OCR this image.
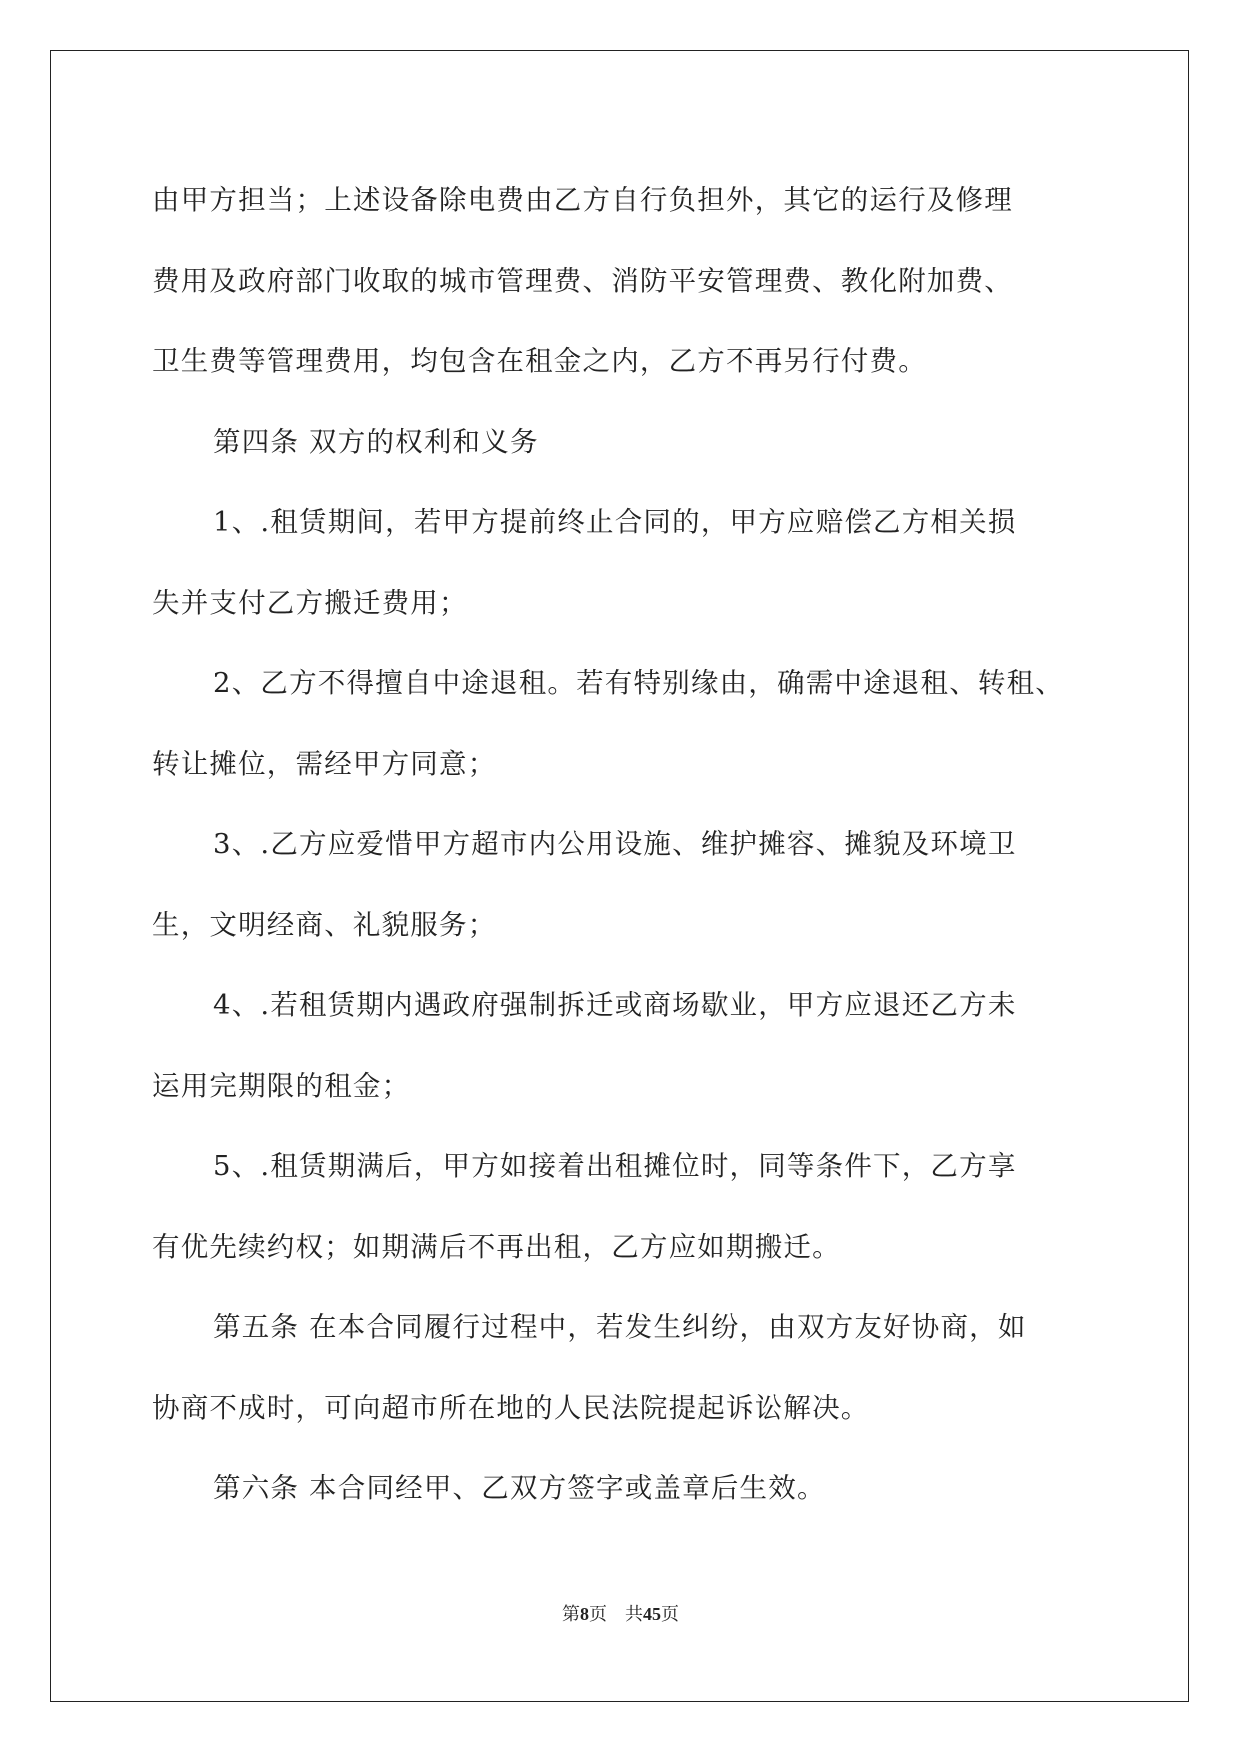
由甲方担当；上述设备除电费由乙方自行负担外，其它的运行及修理
费用及政府部门收取的城市管理费、消防平安管理费、教化附加费、
卫生费等管理费用，均包含在租金之内，乙方不再另行付费。

第四条 双方的权利和义务

1、.租赁期间，若甲方提前终止合同的，甲方应赔偿乙方相关损
失并支付乙方搬迁费用；

2、乙方不得擅自中途退租。若有特别缘由，确需中途退租、转租、
转让摊位，需经甲方同意；

3、.乙方应爱惜甲方超市内公用设施、维护摊容、摊貌及环境卫
生，文明经商、礼貌服务；

4、.若租赁期内遇政府强制拆迁或商场歇业，甲方应退还乙方未
运用完期限的租金；

5、.租赁期满后，甲方如接着出租摊位时，同等条件下，乙方享
有优先续约权；如期满后不再出租，乙方应如期搬迁。

第五条 在本合同履行过程中，若发生纠纷，由双方友好协商，如
协商不成时，可向超市所在地的人民法院提起诉讼解决。

第六条 本合同经甲、乙双方签字或盖章后生效。

第8页 共45页
